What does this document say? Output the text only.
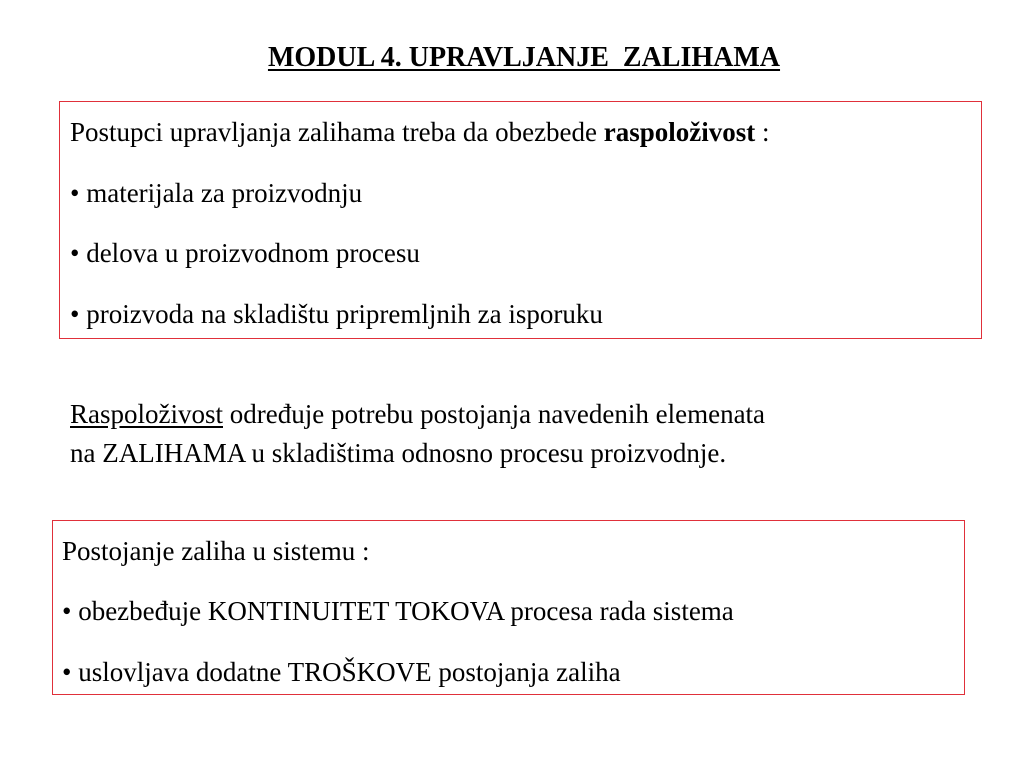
MODUL 4. UPRAVLJANJE  ZALIHAMA
Postupci upravljanja zalihama treba da obezbede raspoloživost :
• materijala za proizvodnju
• delova u proizvodnom procesu
• proizvoda na skladištu pripremljnih za isporuku
Raspoloživost određuje potrebu postojanja navedenih elemenata
na ZALIHAMA u skladištima odnosno procesu proizvodnje.
Postojanje zaliha u sistemu :
• obezbeđuje KONTINUITET TOKOVA procesa rada sistema
• uslovljava dodatne TROŠKOVE postojanja zaliha
